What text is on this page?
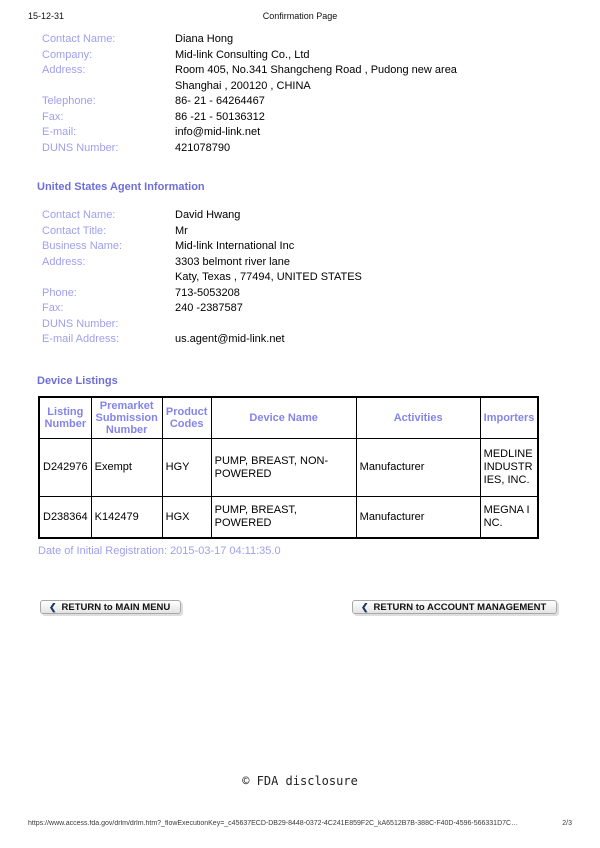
15-12-31	Confirmation Page
Contact Name:	Diana Hong
Company:	Mid-link Consulting Co., Ltd
Address:	Room 405, No.341 Shangcheng Road , Pudong new area
Shanghai , 200120 , CHINA
Telephone:	86- 21 - 64264467
Fax:	86 -21 - 50136312
E-mail:	info@mid-link.net
DUNS Number:	421078790
United States Agent Information
Contact Name:	David Hwang
Contact Title:	Mr
Business Name:	Mid-link International Inc
Address:	3303 belmont river lane
Katy, Texas , 77494, UNITED STATES
Phone:	713-5053208
Fax:	240 -2387587
DUNS Number:
E-mail Address:	us.agent@mid-link.net
Device Listings
Listing Number	Premarket Submission Number	Product Codes	Device Name	Activities	Importers
D242976	Exempt	HGY	PUMP, BREAST, NON-POWERED	Manufacturer	MEDLINE INDUSTRIES, INC.
D238364	K142479	HGX	PUMP, BREAST, POWERED	Manufacturer	MEGNA INC.
Date of Initial Registration: 2015-03-17 04:11:35.0
❮ RETURN to MAIN MENU	❮ RETURN to ACCOUNT MANAGEMENT
© FDA disclosure
https://www.access.fda.gov/drlm/drlm.htm?_flowExecutionKey=_c45637ECD-DB29-8448-0372-4C241E859F2C_kA6512B7B-388C-F40D-4596-566331D7C…	2/3
